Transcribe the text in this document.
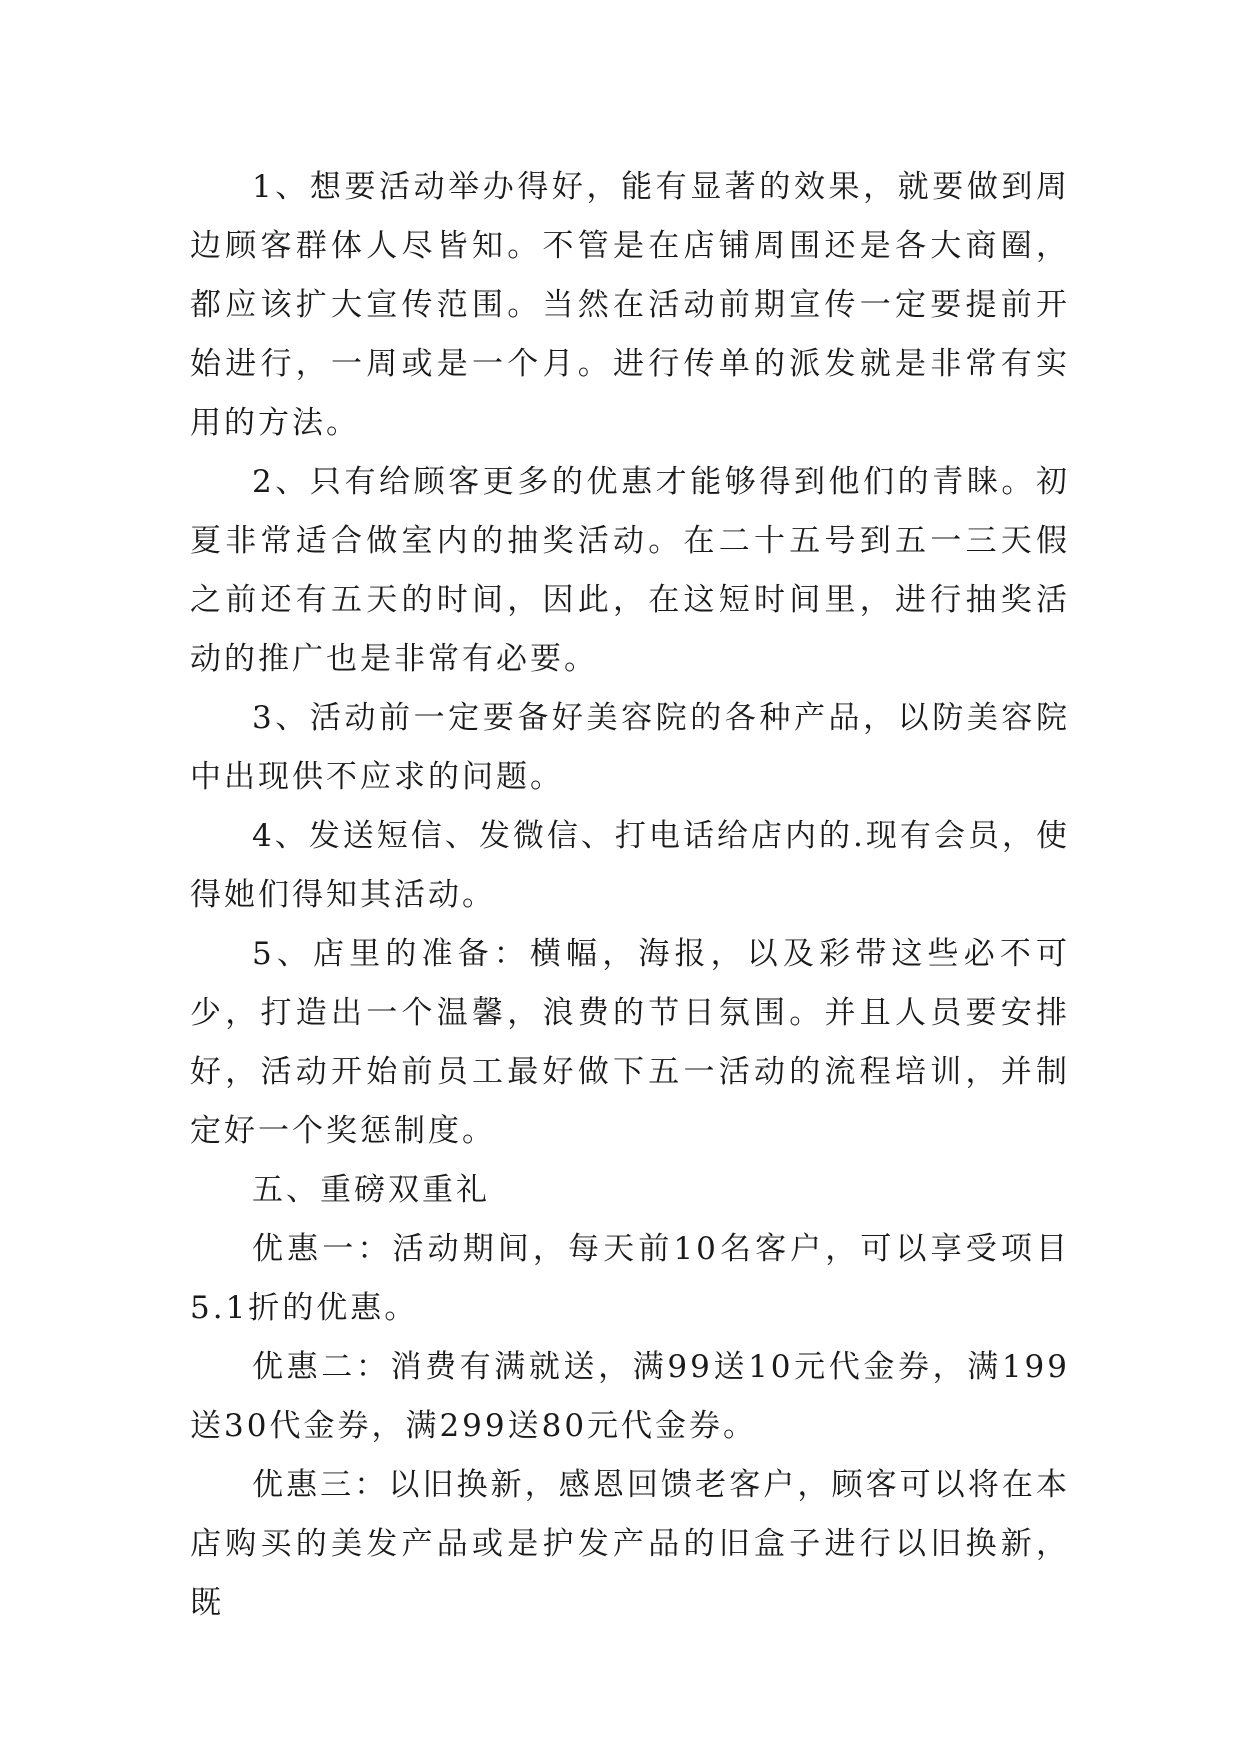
1、想要活动举办得好，能有显著的效果，就要做到周边顾客群体人尽皆知。不管是在店铺周围还是各大商圈，都应该扩大宣传范围。当然在活动前期宣传一定要提前开始进行，一周或是一个月。进行传单的派发就是非常有实用的方法。

2、只有给顾客更多的优惠才能够得到他们的青睐。初夏非常适合做室内的抽奖活动。在二十五号到五一三天假之前还有五天的时间，因此，在这短时间里，进行抽奖活动的推广也是非常有必要。

3、活动前一定要备好美容院的各种产品，以防美容院中出现供不应求的问题。

4、发送短信、发微信、打电话给店内的.现有会员，使得她们得知其活动。

5、店里的准备：横幅，海报，以及彩带这些必不可少，打造出一个温馨，浪费的节日氛围。并且人员要安排好，活动开始前员工最好做下五一活动的流程培训，并制定好一个奖惩制度。

五、重磅双重礼

优惠一：活动期间，每天前10名客户，可以享受项目5.1折的优惠。

优惠二：消费有满就送，满99送10元代金券，满199送30代金券，满299送80元代金券。

优惠三：以旧换新，感恩回馈老客户，顾客可以将在本店购买的美发产品或是护发产品的旧盒子进行以旧换新，既
